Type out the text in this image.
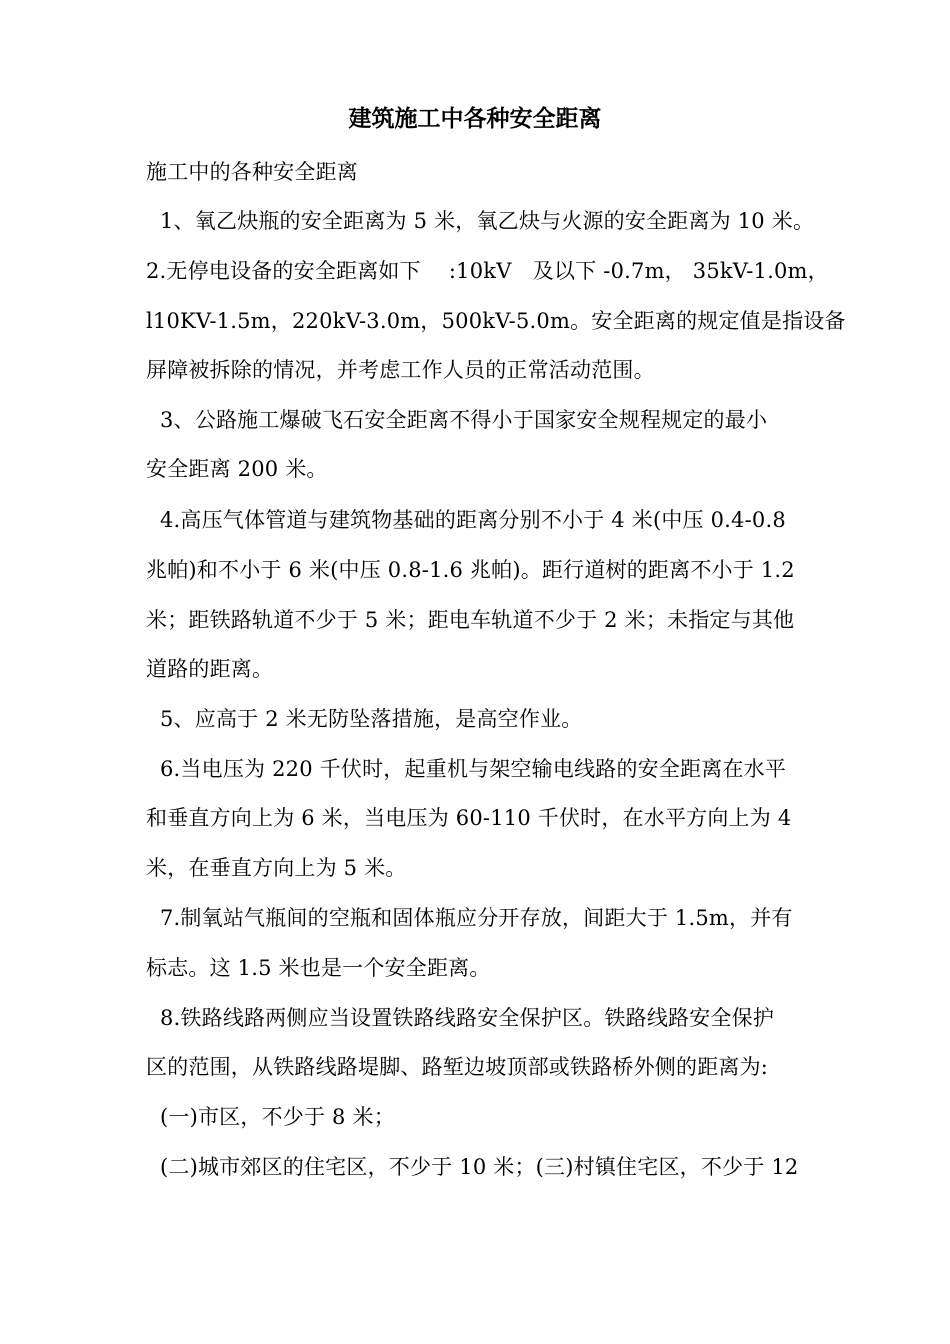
建筑施工中各种安全距离
施工中的各种安全距离
1、氧乙炔瓶的安全距离为 5 米，氧乙炔与火源的安全距离为 10 米。
2.无停电设备的安全距离如下　 :10kV　及以下 -0.7m， 35kV-1.0m，
l10KV-1.5m，220kV-3.0m，500kV-5.0m。安全距离的规定值是指设备
屏障被拆除的情况，并考虑工作人员的正常活动范围。
3、公路施工爆破飞石安全距离不得小于国家安全规程规定的最小
安全距离 200 米。
4.高压气体管道与建筑物基础的距离分别不小于 4 米(中压 0.4-0.8
兆帕)和不小于 6 米(中压 0.8-1.6 兆帕)。距行道树的距离不小于 1.2
米；距铁路轨道不少于 5 米；距电车轨道不少于 2 米；未指定与其他
道路的距离。
5、应高于 2 米无防坠落措施，是高空作业。
6.当电压为 220 千伏时，起重机与架空输电线路的安全距离在水平
和垂直方向上为 6 米，当电压为 60-110 千伏时，在水平方向上为 4
米，在垂直方向上为 5 米。
7.制氧站气瓶间的空瓶和固体瓶应分开存放，间距大于 1.5m，并有
标志。这 1.5 米也是一个安全距离。
8.铁路线路两侧应当设置铁路线路安全保护区。铁路线路安全保护
区的范围，从铁路线路堤脚、路堑边坡顶部或铁路桥外侧的距离为:
(一)市区，不少于 8 米；
(二)城市郊区的住宅区，不少于 10 米；(三)村镇住宅区，不少于 12
